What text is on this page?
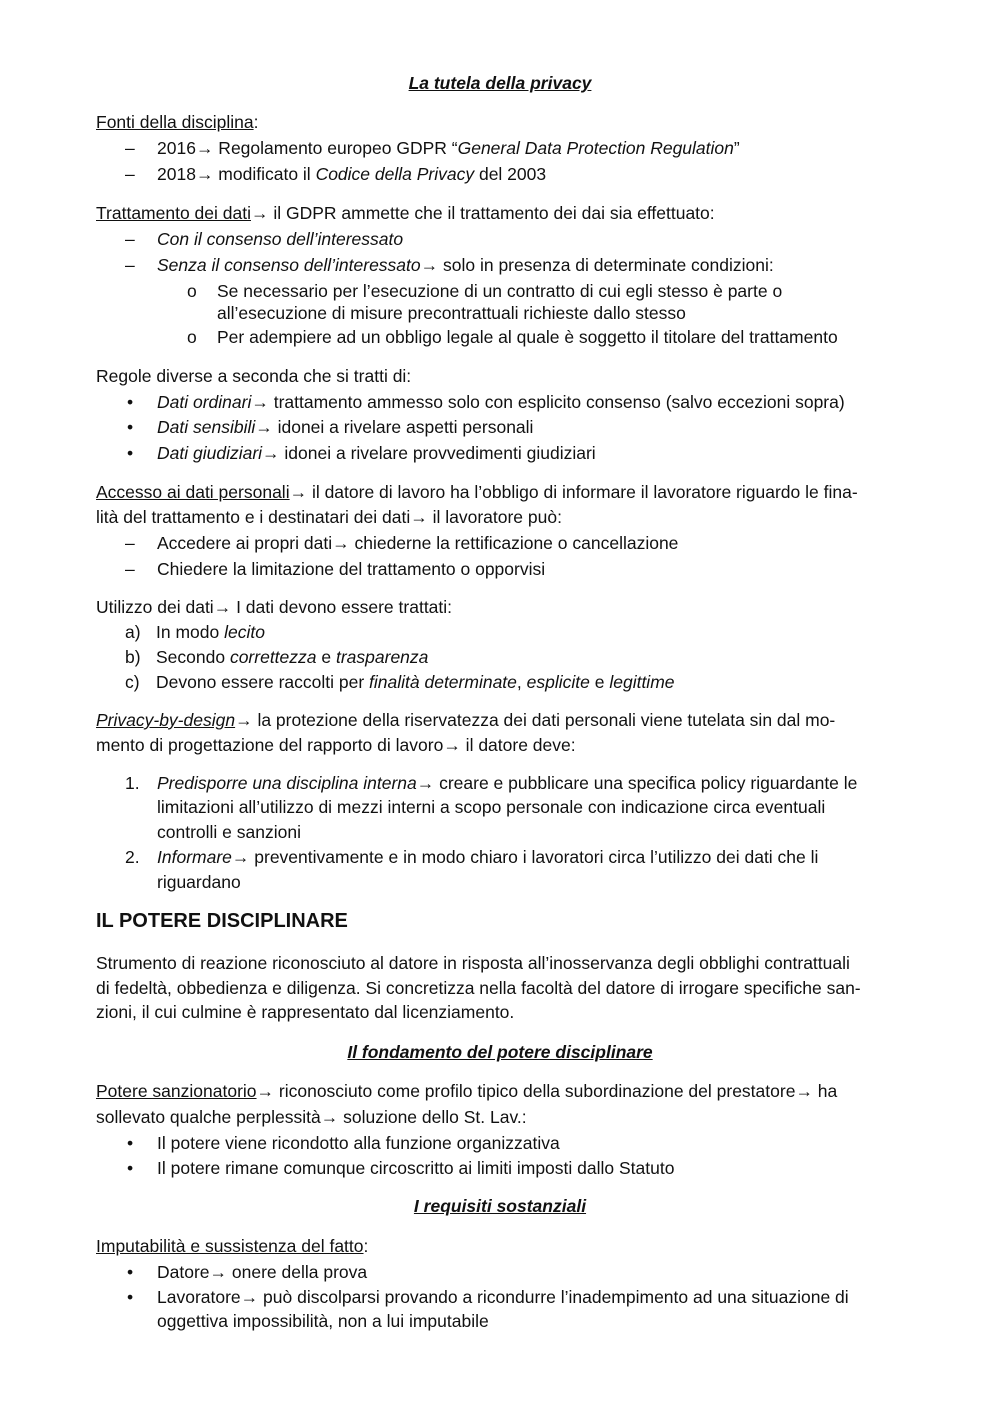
La tutela della privacy
Fonti della disciplina:
– 2016→ Regolamento europeo GDPR “General Data Protection Regulation”
– 2018→ modificato il Codice della Privacy del 2003
Trattamento dei dati→ il GDPR ammette che il trattamento dei dai sia effettuato:
– Con il consenso dell’interessato
– Senza il consenso dell’interessato→ solo in presenza di determinate condizioni:
o Se necessario per l’esecuzione di un contratto di cui egli stesso è parte o
all’esecuzione di misure precontrattuali richieste dallo stesso
o Per adempiere ad un obbligo legale al quale è soggetto il titolare del trattamento
Regole diverse a seconda che si tratti di:
• Dati ordinari→ trattamento ammesso solo con esplicito consenso (salvo eccezioni sopra)
• Dati sensibili→ idonei a rivelare aspetti personali
• Dati giudiziari→ idonei a rivelare provvedimenti giudiziari
Accesso ai dati personali→ il datore di lavoro ha l’obbligo di informare il lavoratore riguardo le fina-
lità del trattamento e i destinatari dei dati→ il lavoratore può:
– Accedere ai propri dati→ chiederne la rettificazione o cancellazione
– Chiedere la limitazione del trattamento o opporvisi
Utilizzo dei dati→ I dati devono essere trattati:
a) In modo lecito
b) Secondo correttezza e trasparenza
c) Devono essere raccolti per finalità determinate, esplicite e legittime
Privacy-by-design→ la protezione della riservatezza dei dati personali viene tutelata sin dal mo-
mento di progettazione del rapporto di lavoro→ il datore deve:
1. Predisporre una disciplina interna→ creare e pubblicare una specifica policy riguardante le
limitazioni all’utilizzo di mezzi interni a scopo personale con indicazione circa eventuali
controlli e sanzioni
2. Informare→ preventivamente e in modo chiaro i lavoratori circa l’utilizzo dei dati che li
riguardano
IL POTERE DISCIPLINARE
Strumento di reazione riconosciuto al datore in risposta all’inosservanza degli obblighi contrattuali
di fedeltà, obbedienza e diligenza. Si concretizza nella facoltà del datore di irrogare specifiche san-
zioni, il cui culmine è rappresentato dal licenziamento.
Il fondamento del potere disciplinare
Potere sanzionatorio→ riconosciuto come profilo tipico della subordinazione del prestatore→ ha
sollevato qualche perplessità→ soluzione dello St. Lav.:
• Il potere viene ricondotto alla funzione organizzativa
• Il potere rimane comunque circoscritto ai limiti imposti dallo Statuto
I requisiti sostanziali
Imputabilità e sussistenza del fatto:
• Datore→ onere della prova
• Lavoratore→ può discolparsi provando a ricondurre l’inadempimento ad una situazione di
oggettiva impossibilità, non a lui imputabile
